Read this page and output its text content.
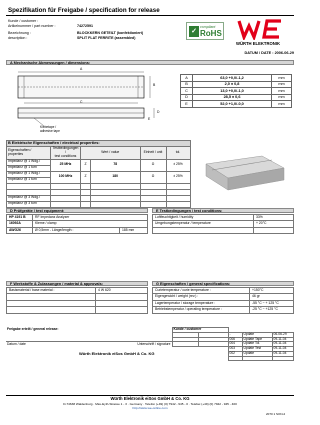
Spezifikation für Freigabe / specification for release
Kunde / customer :
Artikelnummer / part number :	74272591
Bezeichnung :	BLOCKKERN GETEILT (konfektioniert)
description :	SPLIT FLAT FERRITE (assembled)
✓
compliant
RoHS
WÜRTH ELEKTRONIK
DATUM / DATE : 2006-06-29
A Mechanische Abmessungen / dimensions:
A
B
C
D
E
Klebetape /
adhesive tape
A	63,0 +0,0/-1,2	mm
B	2,0 ± 0,8	mm
C	13,0 +0,0/-1,0	mm
D	28,5 ± 0,6	mm
E	52,0 +1,0/-0,0	mm
B Elektrische Eigenschaften / electrical properties:	
Eigenschaften /
properties	Testbedingungen /
test conditions	Wert / value		Einheit / unit	tol.	
Impedanz @ 1 Wdg./	25 MHz	Z	78	Ω	± 25%	
Impedanz @ 1 turn						
Impedanz @ 1 Wdg./	100 MHz	Z	180	Ω	± 25%	
Impedanz @ 1 turn						

Impedanz @ 3 Wdg./						
Impedanz @ 3 turn						
D Prüfgeräte / test equipment:	E Testbedingungen / test conditions:
HP 4191 B	RF Impedanz Analyzer	
16092A	Kleme / clamp	
AWG26	Ø 0,5mm - Länge/length :	185 mm
Luftfeuchtigkeit / humidity	33%
Umgebungstemperatur / temperature	+ 20°C

F Werkstoffe & Zulassungen / material & approvals:	G Eigenschaften / general specifications:
Basismaterial / base material :	4 W 620

		Curietemperatur / curie temperature :	+150°C
Eigengewicht / weight (rev.) :	46 gr
Lagertemperatur / storage temperature :	-55 °C ~ + 125 °C
Betriebstemperatur / operating temperature :	-25 °C ~ +125 °C
Freigabe erteilt / general release:		Kunde / customer				
				-	Update	06-06-29
				006	Update Tape	09-11-04
Datum / date	Unterschrift / signature			004	Update Tol.	09-11-04
Würth Elektronik eiSos GmbH & Co. KG				003	Update Test	09-11-04
				002	Update	09-11-04

Würth Elektronik eiSos GmbH & Co. KG
D-74638 Waldenburg · Max-Eyth-Strasse 1 - 3 · Germany · Telefon (+49) (0) 7942 - 945 - 0 · Telefax (+49) (0) 7942 - 945 - 400
http://www.we-online.com
2070 1 SON-2
